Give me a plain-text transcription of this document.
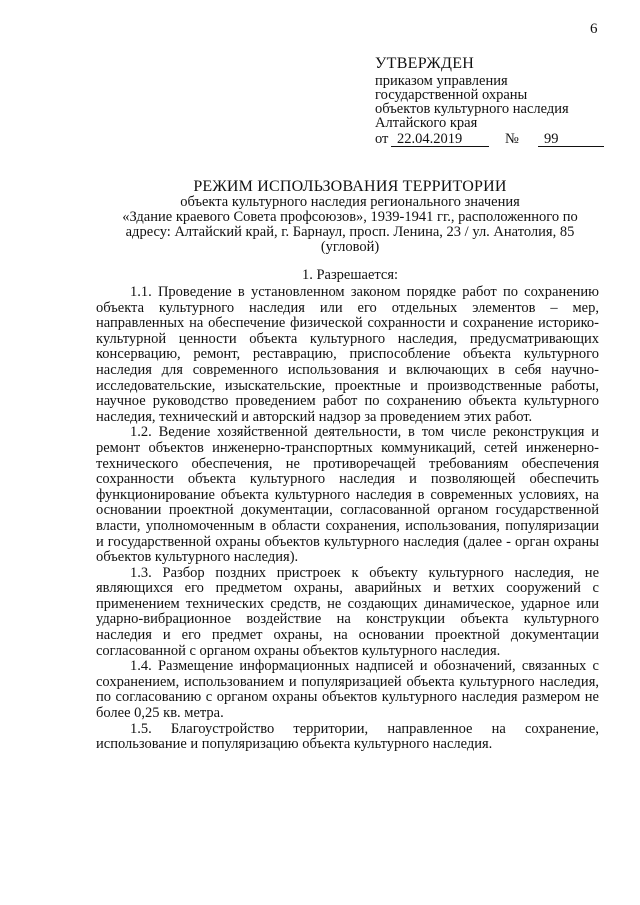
6
УТВЕРЖДЕН
приказом управления
государственной охраны
объектов культурного наследия
Алтайского края
от 22.04.2019	№	99
РЕЖИМ ИСПОЛЬЗОВАНИЯ ТЕРРИТОРИИ
объекта культурного наследия регионального значения
«Здание краевого Совета профсоюзов», 1939-1941 гг., расположенного по
адресу: Алтайский край, г. Барнаул, просп. Ленина, 23 / ул. Анатолия, 85
(угловой)
1. Разрешается:

1.1. Проведение в установленном законом порядке работ по сохранению объекта культурного наследия или его отдельных элементов – мер, направленных на обеспечение физической сохранности и сохранение историко-культурной ценности объекта культурного наследия, предусматривающих консервацию, ремонт, реставрацию, приспособление объекта культурного наследия для современного использования и включающих в себя научно-исследовательские, изыскательские, проектные и производственные работы, научное руководство проведением работ по сохранению объекта культурного наследия, технический и авторский надзор за проведением этих работ.

1.2. Ведение хозяйственной деятельности, в том числе реконструкция и ремонт объектов инженерно-транспортных коммуникаций, сетей инженерно-технического обеспечения, не противоречащей требованиям обеспечения сохранности объекта культурного наследия и позволяющей обеспечить функционирование объекта культурного наследия в современных условиях, на основании проектной документации, согласованной органом государственной власти, уполномоченным в области сохранения, использования, популяризации и государственной охраны объектов культурного наследия (далее - орган охраны объектов культурного наследия).

1.3. Разбор поздних пристроек к объекту культурного наследия, не являющихся его предметом охраны, аварийных и ветхих сооружений с применением технических средств, не создающих динамическое, ударное или ударно-вибрационное воздействие на конструкции объекта культурного наследия и его предмет охраны, на основании проектной документации согласованной с органом охраны объектов культурного наследия.

1.4. Размещение информационных надписей и обозначений, связанных с сохранением, использованием и популяризацией объекта культурного наследия, по согласованию с органом охраны объектов культурного наследия размером не более 0,25 кв. метра.

1.5. Благоустройство территории, направленное на сохранение, использование и популяризацию объекта культурного наследия.
